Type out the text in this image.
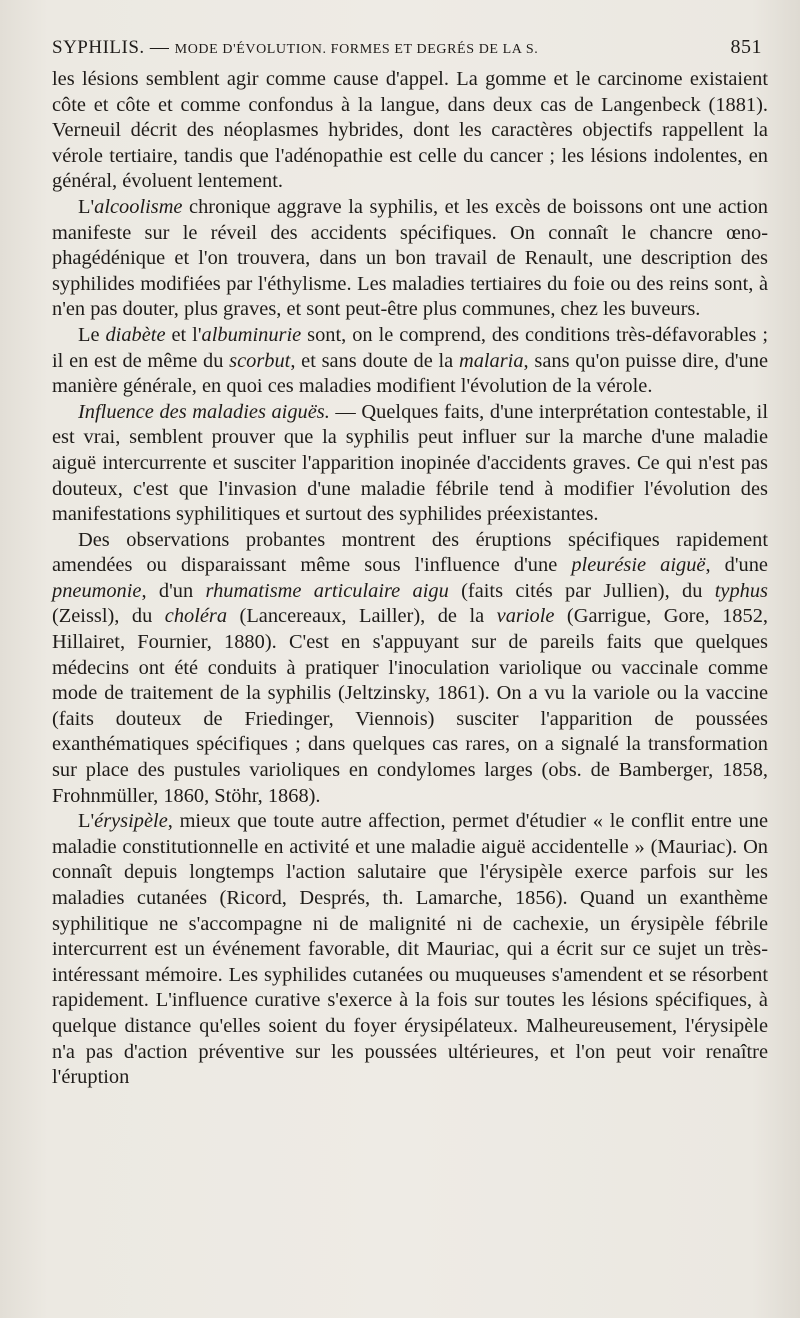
SYPHILIS. — MODE D'ÉVOLUTION. FORMES ET DEGRÉS DE LA S.	851

les lésions semblent agir comme cause d'appel. La gomme et le carcinome existaient côte et côte et comme confondus à la langue, dans deux cas de Langenbeck (1881). Verneuil décrit des néoplasmes hybrides, dont les caractères objectifs rappellent la vérole tertiaire, tandis que l'adénopathie est celle du cancer ; les lésions indolentes, en général, évoluent lentement.

L'alcoolisme chronique aggrave la syphilis, et les excès de boissons ont une action manifeste sur le réveil des accidents spécifiques. On connaît le chancre œno-phagédénique et l'on trouvera, dans un bon travail de Renault, une description des syphilides modifiées par l'éthylisme. Les maladies tertiaires du foie ou des reins sont, à n'en pas douter, plus graves, et sont peut-être plus communes, chez les buveurs.

Le diabète et l'albuminurie sont, on le comprend, des conditions très-défavorables ; il en est de même du scorbut, et sans doute de la malaria, sans qu'on puisse dire, d'une manière générale, en quoi ces maladies modifient l'évolution de la vérole.

Influence des maladies aiguës. — Quelques faits, d'une interprétation contestable, il est vrai, semblent prouver que la syphilis peut influer sur la marche d'une maladie aiguë intercurrente et susciter l'apparition inopinée d'accidents graves. Ce qui n'est pas douteux, c'est que l'invasion d'une maladie fébrile tend à modifier l'évolution des manifestations syphilitiques et surtout des syphilides préexistantes.

Des observations probantes montrent des éruptions spécifiques rapidement amendées ou disparaissant même sous l'influence d'une pleurésie aiguë, d'une pneumonie, d'un rhumatisme articulaire aigu (faits cités par Jullien), du typhus (Zeissl), du choléra (Lancereaux, Lailler), de la variole (Garrigue, Gore, 1852, Hillairet, Fournier, 1880). C'est en s'appuyant sur de pareils faits que quelques médecins ont été conduits à pratiquer l'inoculation variolique ou vaccinale comme mode de traitement de la syphilis (Jeltzinsky, 1861). On a vu la variole ou la vaccine (faits douteux de Friedinger, Viennois) susciter l'apparition de poussées exanthématiques spécifiques ; dans quelques cas rares, on a signalé la transformation sur place des pustules varioliques en condylomes larges (obs. de Bamberger, 1858, Frohnmüller, 1860, Stöhr, 1868).

L'érysipèle, mieux que toute autre affection, permet d'étudier « le conflit entre une maladie constitutionnelle en activité et une maladie aiguë accidentelle » (Mauriac). On connaît depuis longtemps l'action salutaire que l'érysipèle exerce parfois sur les maladies cutanées (Ricord, Després, th. Lamarche, 1856). Quand un exanthème syphilitique ne s'accompagne ni de malignité ni de cachexie, un érysipèle fébrile intercurrent est un événement favorable, dit Mauriac, qui a écrit sur ce sujet un très-intéressant mémoire. Les syphilides cutanées ou muqueuses s'amendent et se résorbent rapidement. L'influence curative s'exerce à la fois sur toutes les lésions spécifiques, à quelque distance qu'elles soient du foyer érysipélateux. Malheureusement, l'érysipèle n'a pas d'action préventive sur les poussées ultérieures, et l'on peut voir renaître l'éruption
